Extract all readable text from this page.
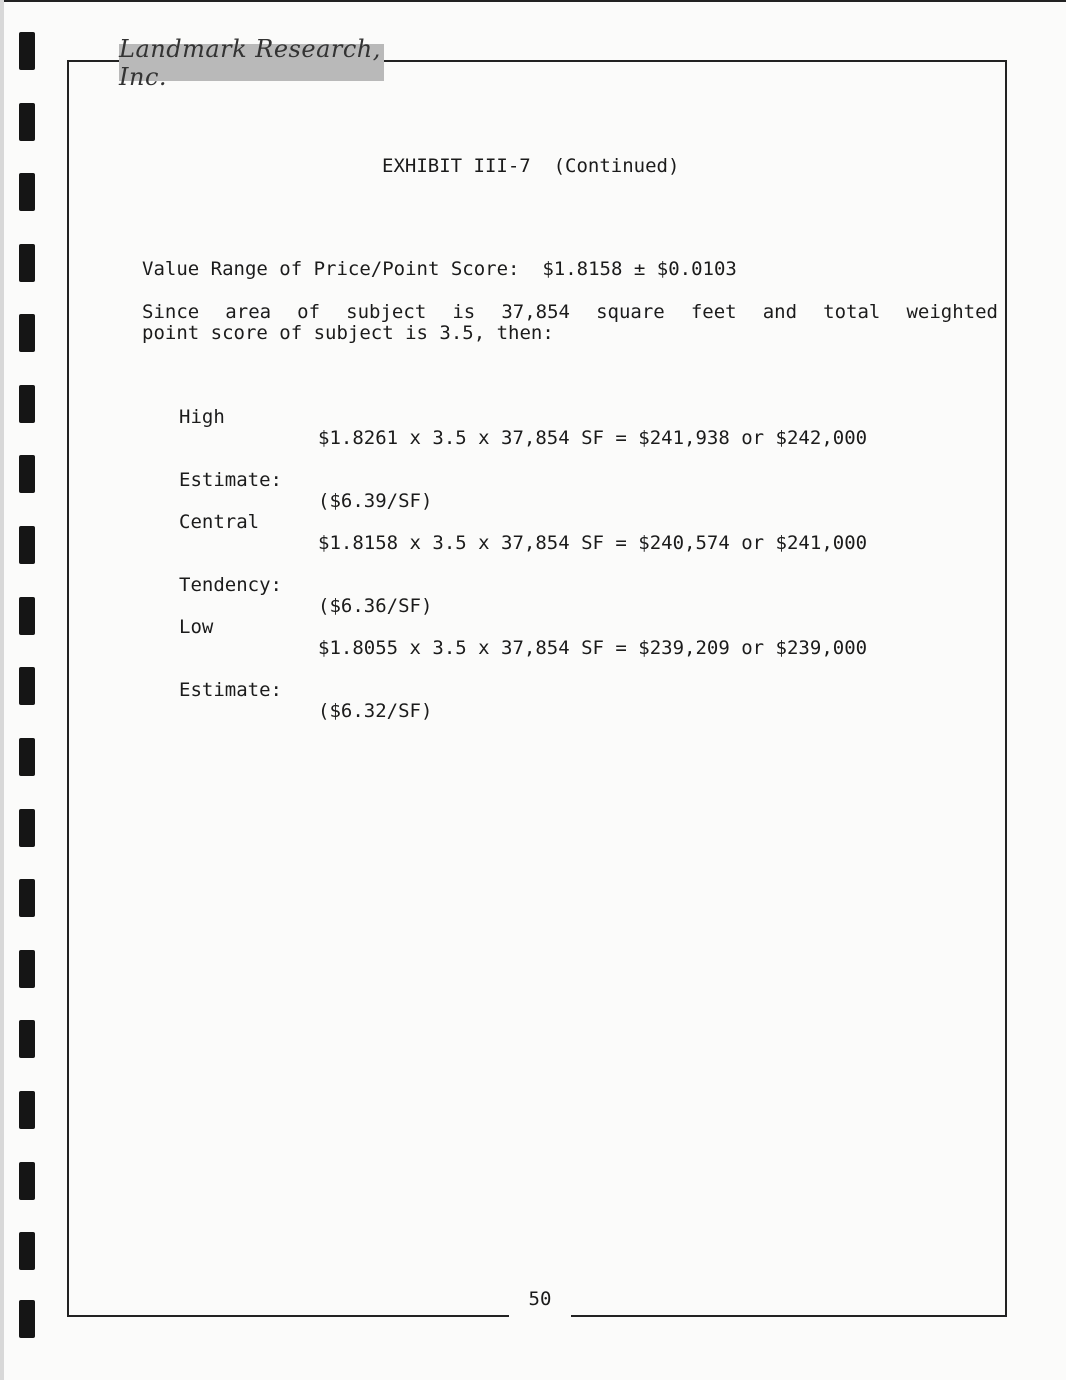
Landmark Research, Inc.
EXHIBIT III-7  (Continued)
Value Range of Price/Point Score:  $1.8158 ± $0.0103
Since area of subject is 37,854 square feet and total weighted
point score of subject is 3.5, then:

High

Estimate:

$1.8261 x 3.5 x 37,854 SF = $241,938 or $242,000

($6.39/SF)

Central

Tendency:

$1.8158 x 3.5 x 37,854 SF = $240,574 or $241,000

($6.36/SF)

Low

Estimate:

$1.8055 x 3.5 x 37,854 SF = $239,209 or $239,000

($6.32/SF)

50
